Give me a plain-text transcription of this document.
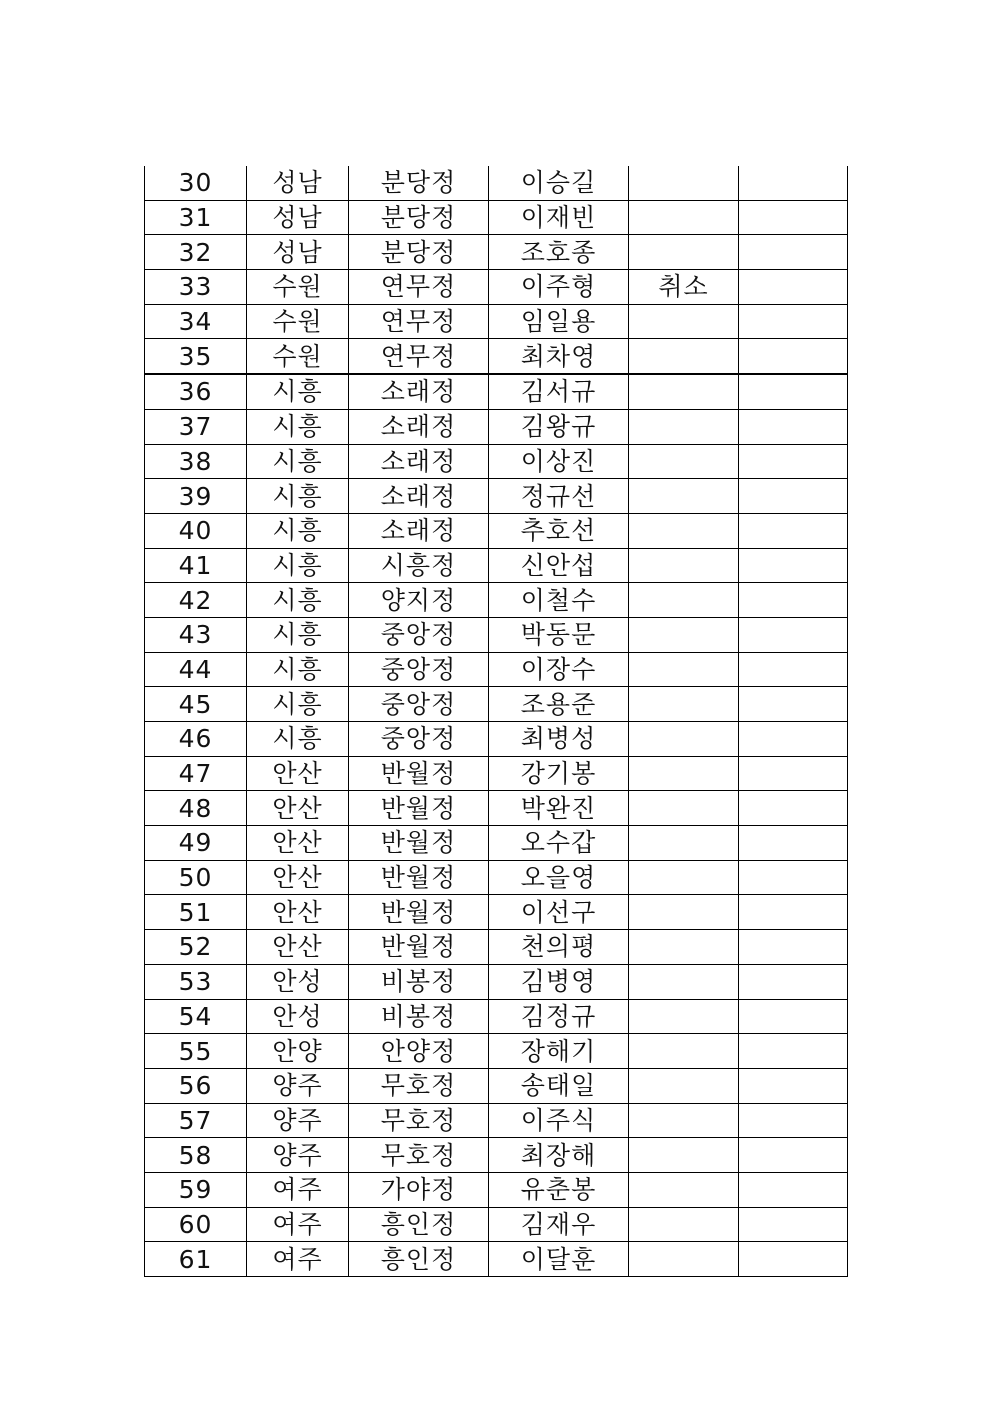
30	성남	분당정	이승길		
31	성남	분당정	이재빈		
32	성남	분당정	조호종		
33	수원	연무정	이주형	취소	
34	수원	연무정	임일용		
35	수원	연무정	최차영		
36	시흥	소래정	김서규		
37	시흥	소래정	김왕규		
38	시흥	소래정	이상진		
39	시흥	소래정	정규선		
40	시흥	소래정	추호선		
41	시흥	시흥정	신안섭		
42	시흥	양지정	이철수		
43	시흥	중앙정	박동문		
44	시흥	중앙정	이장수		
45	시흥	중앙정	조용준		
46	시흥	중앙정	최병성		
47	안산	반월정	강기봉		
48	안산	반월정	박완진		
49	안산	반월정	오수갑		
50	안산	반월정	오을영		
51	안산	반월정	이선구		
52	안산	반월정	천의평		
53	안성	비봉정	김병영		
54	안성	비봉정	김정규		
55	안양	안양정	장해기		
56	양주	무호정	송태일		
57	양주	무호정	이주식		
58	양주	무호정	최장해		
59	여주	가야정	유춘봉		
60	여주	흥인정	김재우		
61	여주	흥인정	이달훈		
